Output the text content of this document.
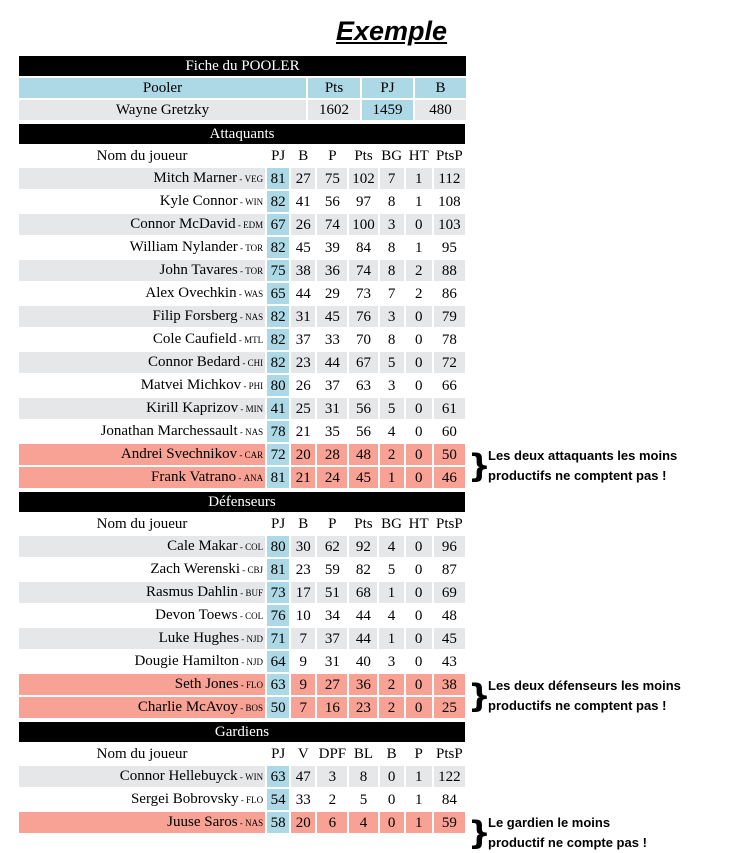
Exemple
Fiche du POOLER			
Pooler	Pts	PJ	B
Wayne Gretzky	1602	1459	480
Attaquants							
Nom du joueur	PJ	B	P	Pts	BG	HT	PtsP
Mitch Marner - VEG	81	27	75	102	7	1	112
Kyle Connor - WIN	82	41	56	97	8	1	108
Connor McDavid - EDM	67	26	74	100	3	0	103
William Nylander - TOR	82	45	39	84	8	1	95
John Tavares - TOR	75	38	36	74	8	2	88
Alex Ovechkin - WAS	65	44	29	73	7	2	86
Filip Forsberg - NAS	82	31	45	76	3	0	79
Cole Caufield - MTL	82	37	33	70	8	0	78
Connor Bedard - CHI	82	23	44	67	5	0	72
Matvei Michkov - PHI	80	26	37	63	3	0	66
Kirill Kaprizov - MIN	41	25	31	56	5	0	61
Jonathan Marchessault - NAS	78	21	35	56	4	0	60
Andrei Svechnikov - CAR	72	20	28	48	2	0	50
Frank Vatrano - ANA	81	21	24	45	1	0	46
Défenseurs							
Nom du joueur	PJ	B	P	Pts	BG	HT	PtsP
Cale Makar - COL	80	30	62	92	4	0	96
Zach Werenski - CBJ	81	23	59	82	5	0	87
Rasmus Dahlin - BUF	73	17	51	68	1	0	69
Devon Toews - COL	76	10	34	44	4	0	48
Luke Hughes - NJD	71	7	37	44	1	0	45
Dougie Hamilton - NJD	64	9	31	40	3	0	43
Seth Jones - FLO	63	9	27	36	2	0	38
Charlie McAvoy - BOS	50	7	16	23	2	0	25
Gardiens							
Nom du joueur	PJ	V	DPF	BL	B	P	PtsP
Connor Hellebuyck - WIN	63	47	3	8	0	1	122
Sergei Bobrovsky - FLO	54	33	2	5	0	1	84
Juuse Saros - NAS	58	20	6	4	0	1	59
}
Les deux attaquants les moins
productifs ne comptent pas !
}
Les deux défenseurs les moins
productifs ne comptent pas !
}
Le gardien le moins
productif ne compte pas !
